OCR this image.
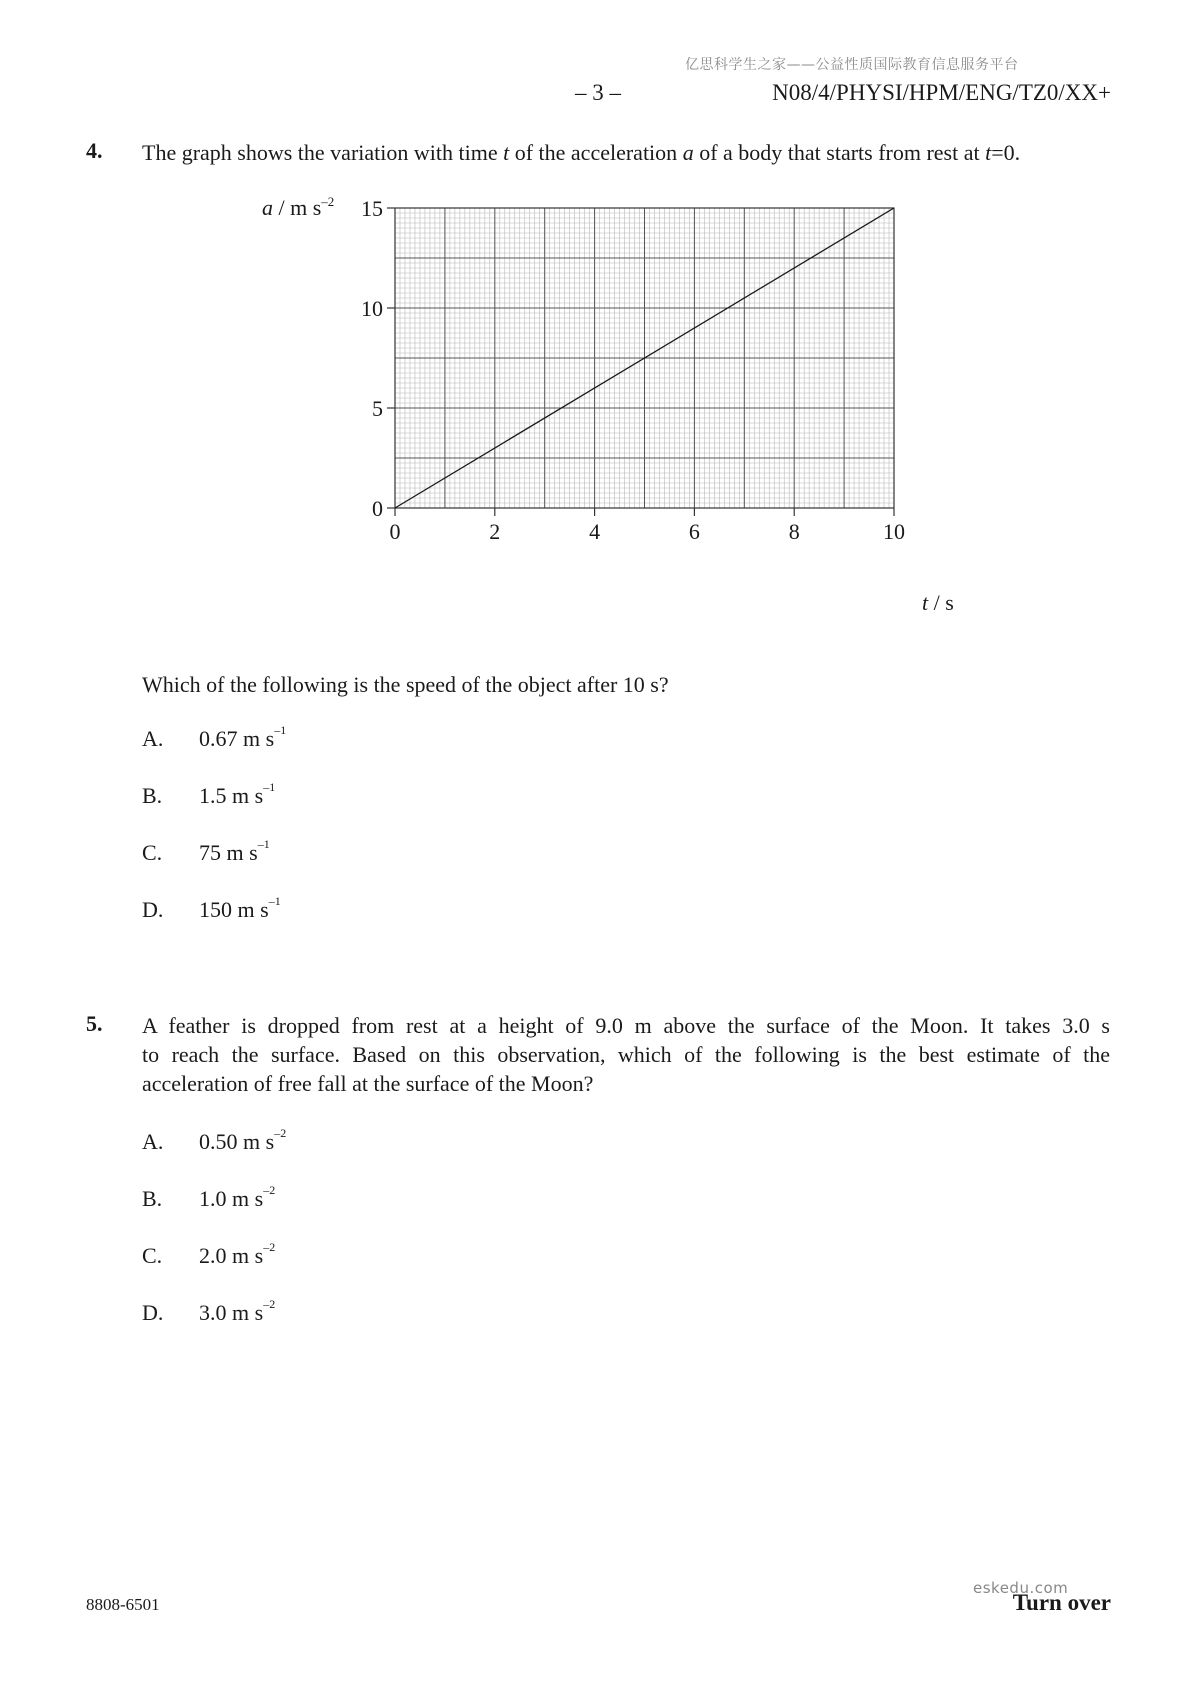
亿思科学生之家——公益性质国际教育信息服务平台
– 3 –	N08/4/PHYSI/HPM/ENG/TZ0/XX+
4. The graph shows the variation with time t of the acceleration a of a body that starts from rest at t=0.
0
5
10
15
0	2	4	6	8	10
a / m $s^{-2}$
t / s
Which of the following is the speed of the object after 10 s?
A. 0.67 m $s^{-1}$
B. 1.5 m $s^{-1}$
C. 75 m $s^{-1}$
D. 150 m $s^{-1}$
5. A feather is dropped from rest at a height of 9.0 m above the surface of the Moon. It takes 3.0 s
to reach the surface. Based on this observation, which of the following is the best estimate of the
acceleration of free fall at the surface of the Moon?
A. 0.50 m $s^{-2}$
B. 1.0 m $s^{-2}$
C. 2.0 m $s^{-2}$
D. 3.0 m $s^{-2}$
8808-6501
eskedu.com
Turn over
